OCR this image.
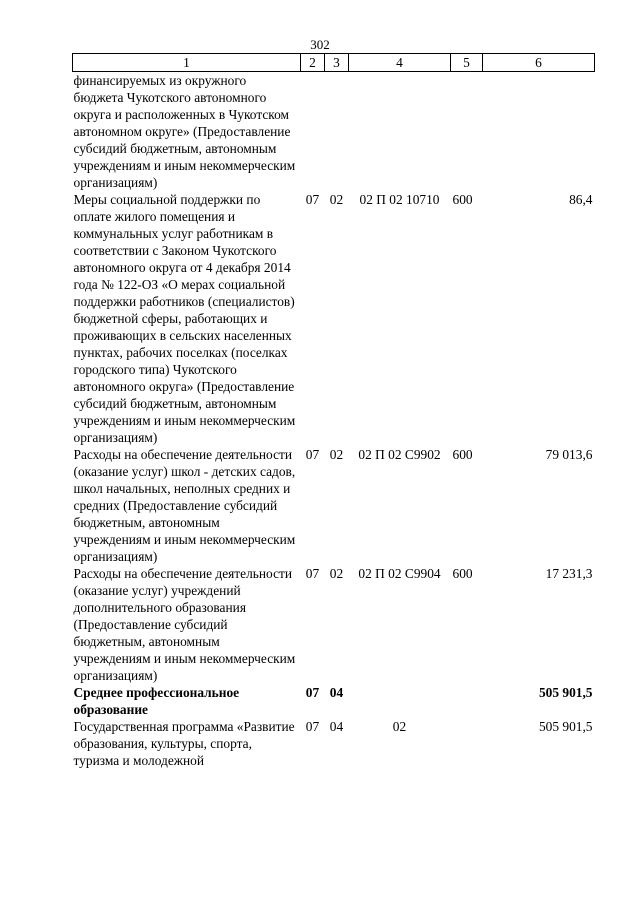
302
1	2	3	4	5	6
финансируемых из окружного бюджета Чукотского автономного округа и расположенных в Чукотском автономном округе» (Предоставление субсидий бюджетным, автономным учреждениям и иным некоммерческим организациям)					
Меры социальной поддержки по оплате жилого помещения и коммунальных услуг работникам в соответствии с Законом Чукотского автономного округа от 4 декабря 2014 года № 122-ОЗ «О мерах социальной поддержки работников (специалистов) бюджетной сферы, работающих и проживающих в сельских населенных пунктах, рабочих поселках (поселках городского типа) Чукотского автономного округа» (Предоставление субсидий бюджетным, автономным учреждениям и иным некоммерческим организациям)	07	02	02 П 02 10710	600	86,4
Расходы на обеспечение деятельности (оказание услуг) школ - детских садов, школ начальных, неполных средних и средних (Предоставление субсидий бюджетным, автономным учреждениям и иным некоммерческим организациям)	07	02	02 П 02 С9902	600	79 013,6
Расходы на обеспечение деятельности (оказание услуг) учреждений дополнительного образования (Предоставление субсидий бюджетным, автономным учреждениям и иным некоммерческим организациям)	07	02	02 П 02 С9904	600	17 231,3
Среднее профессиональное образование	07	04			505 901,5
Государственная программа «Развитие образования, культуры, спорта, туризма и молодежной	07	04	02		505 901,5
